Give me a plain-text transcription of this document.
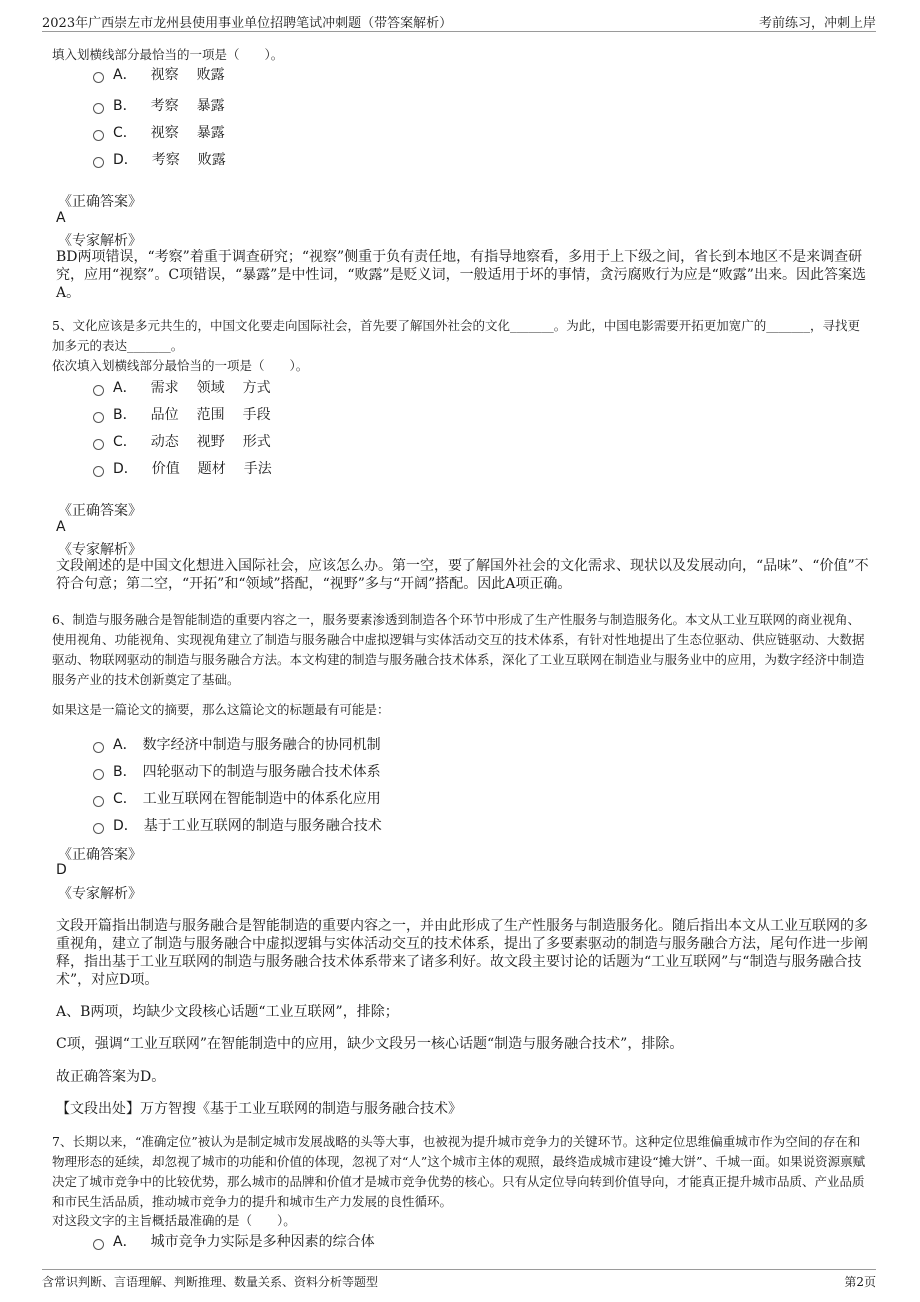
2023年广西崇左市龙州县使用事业单位招聘笔试冲刺题（带答案解析）	考前练习，冲刺上岸
填入划横线部分最恰当的一项是（　　）。
A． 视察 败露
B． 考察 暴露
C． 视察 暴露
D． 考察 败露
《正确答案》
A
《专家解析》
BD两项错误，“考察”着重于调查研究；“视察”侧重于负有责任地，有指导地察看，多用于上下级之间，省长到本地区不是来调查研究，应用“视察”。C项错误，“暴露”是中性词，“败露”是贬义词，一般适用于坏的事情，贪污腐败行为应是“败露”出来。因此答案选A。
5、文化应该是多元共生的，中国文化要走向国际社会，首先要了解国外社会的文化_______。为此，中国电影需要开拓更加宽广的_______，寻找更加多元的表达_______。
依次填入划横线部分最恰当的一项是（　　）。
A． 需求 领域 方式
B． 品位 范围 手段
C． 动态 视野 形式
D． 价值 题材 手法
《正确答案》
A
《专家解析》
文段阐述的是中国文化想进入国际社会，应该怎么办。第一空，要了解国外社会的文化需求、现状以及发展动向，“品味”、“价值”不符合句意；第二空，“开拓”和“领域”搭配，“视野”多与“开阔”搭配。因此A项正确。
6、制造与服务融合是智能制造的重要内容之一，服务要素渗透到制造各个环节中形成了生产性服务与制造服务化。本文从工业互联网的商业视角、使用视角、功能视角、实现视角建立了制造与服务融合中虚拟逻辑与实体活动交互的技术体系，有针对性地提出了生态位驱动、供应链驱动、大数据驱动、物联网驱动的制造与服务融合方法。本文构建的制造与服务融合技术体系，深化了工业互联网在制造业与服务业中的应用，为数字经济中制造服务产业的技术创新奠定了基础。
如果这是一篇论文的摘要，那么这篇论文的标题最有可能是：
A． 数字经济中制造与服务融合的协同机制
B． 四轮驱动下的制造与服务融合技术体系
C． 工业互联网在智能制造中的体系化应用
D． 基于工业互联网的制造与服务融合技术
《正确答案》
D
《专家解析》
文段开篇指出制造与服务融合是智能制造的重要内容之一，并由此形成了生产性服务与制造服务化。随后指出本文从工业互联网的多重视角，建立了制造与服务融合中虚拟逻辑与实体活动交互的技术体系，提出了多要素驱动的制造与服务融合方法，尾句作进一步阐释，指出基于工业互联网的制造与服务融合技术体系带来了诸多利好。故文段主要讨论的话题为“工业互联网”与“制造与服务融合技术”，对应D项。
A、B两项，均缺少文段核心话题“工业互联网”，排除；
C项，强调“工业互联网”在智能制造中的应用，缺少文段另一核心话题“制造与服务融合技术”，排除。
故正确答案为D。
【文段出处】万方智搜《基于工业互联网的制造与服务融合技术》
7、长期以来，“准确定位”被认为是制定城市发展战略的头等大事，也被视为提升城市竞争力的关键环节。这种定位思维偏重城市作为空间的存在和物理形态的延续，却忽视了城市的功能和价值的体现，忽视了对“人”这个城市主体的观照，最终造成城市建设“摊大饼”、千城一面。如果说资源禀赋决定了城市竞争中的比较优势，那么城市的品牌和价值才是城市竞争优势的核心。只有从定位导向转到价值导向，才能真正提升城市品质、产业品质和市民生活品质，推动城市竞争力的提升和城市生产力发展的良性循环。
对这段文字的主旨概括最准确的是（　　）。
A． 城市竞争力实际是多种因素的综合体
含常识判断、言语理解、判断推理、数量关系、资料分析等题型	第2页
